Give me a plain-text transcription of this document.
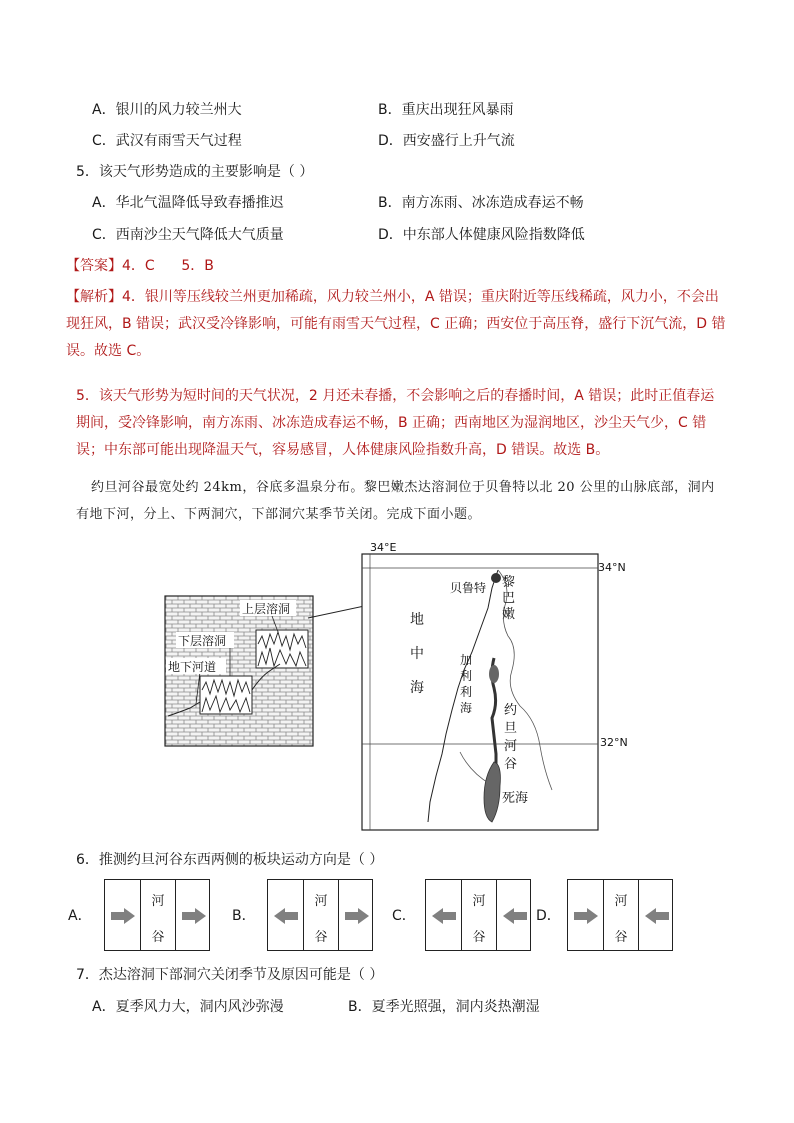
A．银川的风力较兰州大	B．重庆出现狂风暴雨
C．武汉有雨雪天气过程	D．西安盛行上升气流
5．该天气形势造成的主要影响是（ ）
A．华北气温降低导致春播推迟	B．南方冻雨、冰冻造成春运不畅
C．西南沙尘天气降低大气质量	D．中东部人体健康风险指数降低
【答案】4．C      5．B
【解析】4．银川等压线较兰州更加稀疏，风力较兰州小，A 错误；重庆附近等压线稀疏，风力小，不会出现狂风，B 错误；武汉受冷锋影响，可能有雨雪天气过程，C 正确；西安位于高压脊，盛行下沉气流，D 错误。故选 C。
5．该天气形势为短时间的天气状况，2 月还未春播，不会影响之后的春播时间，A 错误；此时正值春运期间，受冷锋影响，南方冻雨、冰冻造成春运不畅，B 正确；西南地区为湿润地区，沙尘天气少，C 错误；中东部可能出现降温天气，容易感冒，人体健康风险指数升高，D 错误。故选 B。
约旦河谷最宽处约 24km，谷底多温泉分布。黎巴嫩杰达溶洞位于贝鲁特以北 20 公里的山脉底部，洞内有地下河，分上、下两洞穴，下部洞穴某季节关闭。完成下面小题。
上层溶洞
下层溶洞
地下河道
34°E
34°N
32°N
贝鲁特 黎
巴
嫩
地
中
海
加
利
利
海 约
旦
河
谷
死海
6．推测约旦河谷东西两侧的板块运动方向是（ ）
A．
河
谷
B．
河
谷
C．
河
谷
D．
河
谷
7．杰达溶洞下部洞穴关闭季节及原因可能是（ ）
A．夏季风力大，洞内风沙弥漫	B．夏季光照强，洞内炎热潮湿
